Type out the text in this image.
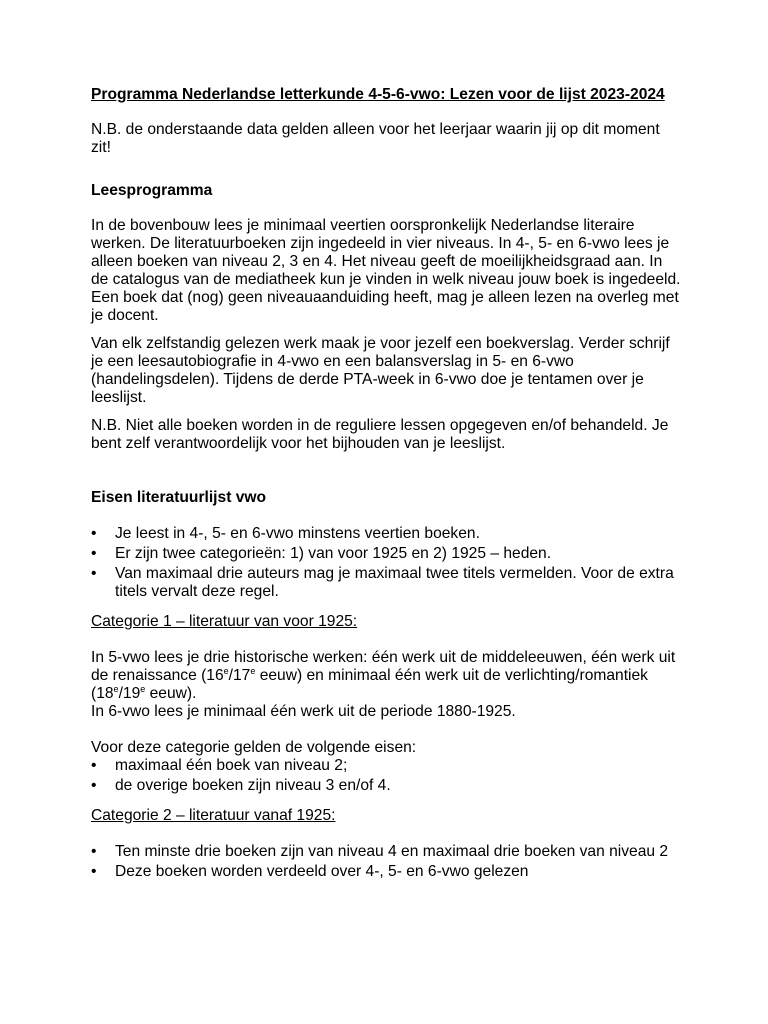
Programma Nederlandse letterkunde 4-5-6-vwo: Lezen voor de lijst 2023-2024

N.B. de onderstaande data gelden alleen voor het leerjaar waarin jij op dit moment zit!

Leesprogramma

In de bovenbouw lees je minimaal veertien oorspronkelijk Nederlandse literaire werken. De literatuurboeken zijn ingedeeld in vier niveaus. In 4-, 5- en 6-vwo lees je alleen boeken van niveau 2, 3 en 4. Het niveau geeft de moeilijkheidsgraad aan. In de catalogus van de mediatheek kun je vinden in welk niveau jouw boek is ingedeeld. Een boek dat (nog) geen niveauaanduiding heeft, mag je alleen lezen na overleg met je docent.

Van elk zelfstandig gelezen werk maak je voor jezelf een boekverslag. Verder schrijf je een leesautobiografie in 4-vwo en een balansverslag in 5- en 6-vwo (handelingsdelen). Tijdens de derde PTA-week in 6-vwo doe je tentamen over je leeslijst.

N.B. Niet alle boeken worden in de reguliere lessen opgegeven en/of behandeld. Je bent zelf verantwoordelijk voor het bijhouden van je leeslijst.

Eisen literatuurlijst vwo

•	Je leest in 4-, 5- en 6-vwo minstens veertien boeken.
•	Er zijn twee categorieën: 1) van voor 1925 en 2) 1925 – heden.
•	Van maximaal drie auteurs mag je maximaal twee titels vermelden. Voor de extra titels vervalt deze regel.

Categorie 1 – literatuur van voor 1925:

In 5-vwo lees je drie historische werken: één werk uit de middeleeuwen, één werk uit de renaissance (16e/17e eeuw) en minimaal één werk uit de verlichting/romantiek (18e/19e eeuw).

In 6-vwo lees je minimaal één werk uit de periode 1880-1925.

Voor deze categorie gelden de volgende eisen:

•	maximaal één boek van niveau 2;
•	de overige boeken zijn niveau 3 en/of 4.

Categorie 2 – literatuur vanaf 1925:

•	Ten minste drie boeken zijn van niveau 4 en maximaal drie boeken van niveau 2
•	Deze boeken worden verdeeld over 4-, 5- en 6-vwo gelezen
